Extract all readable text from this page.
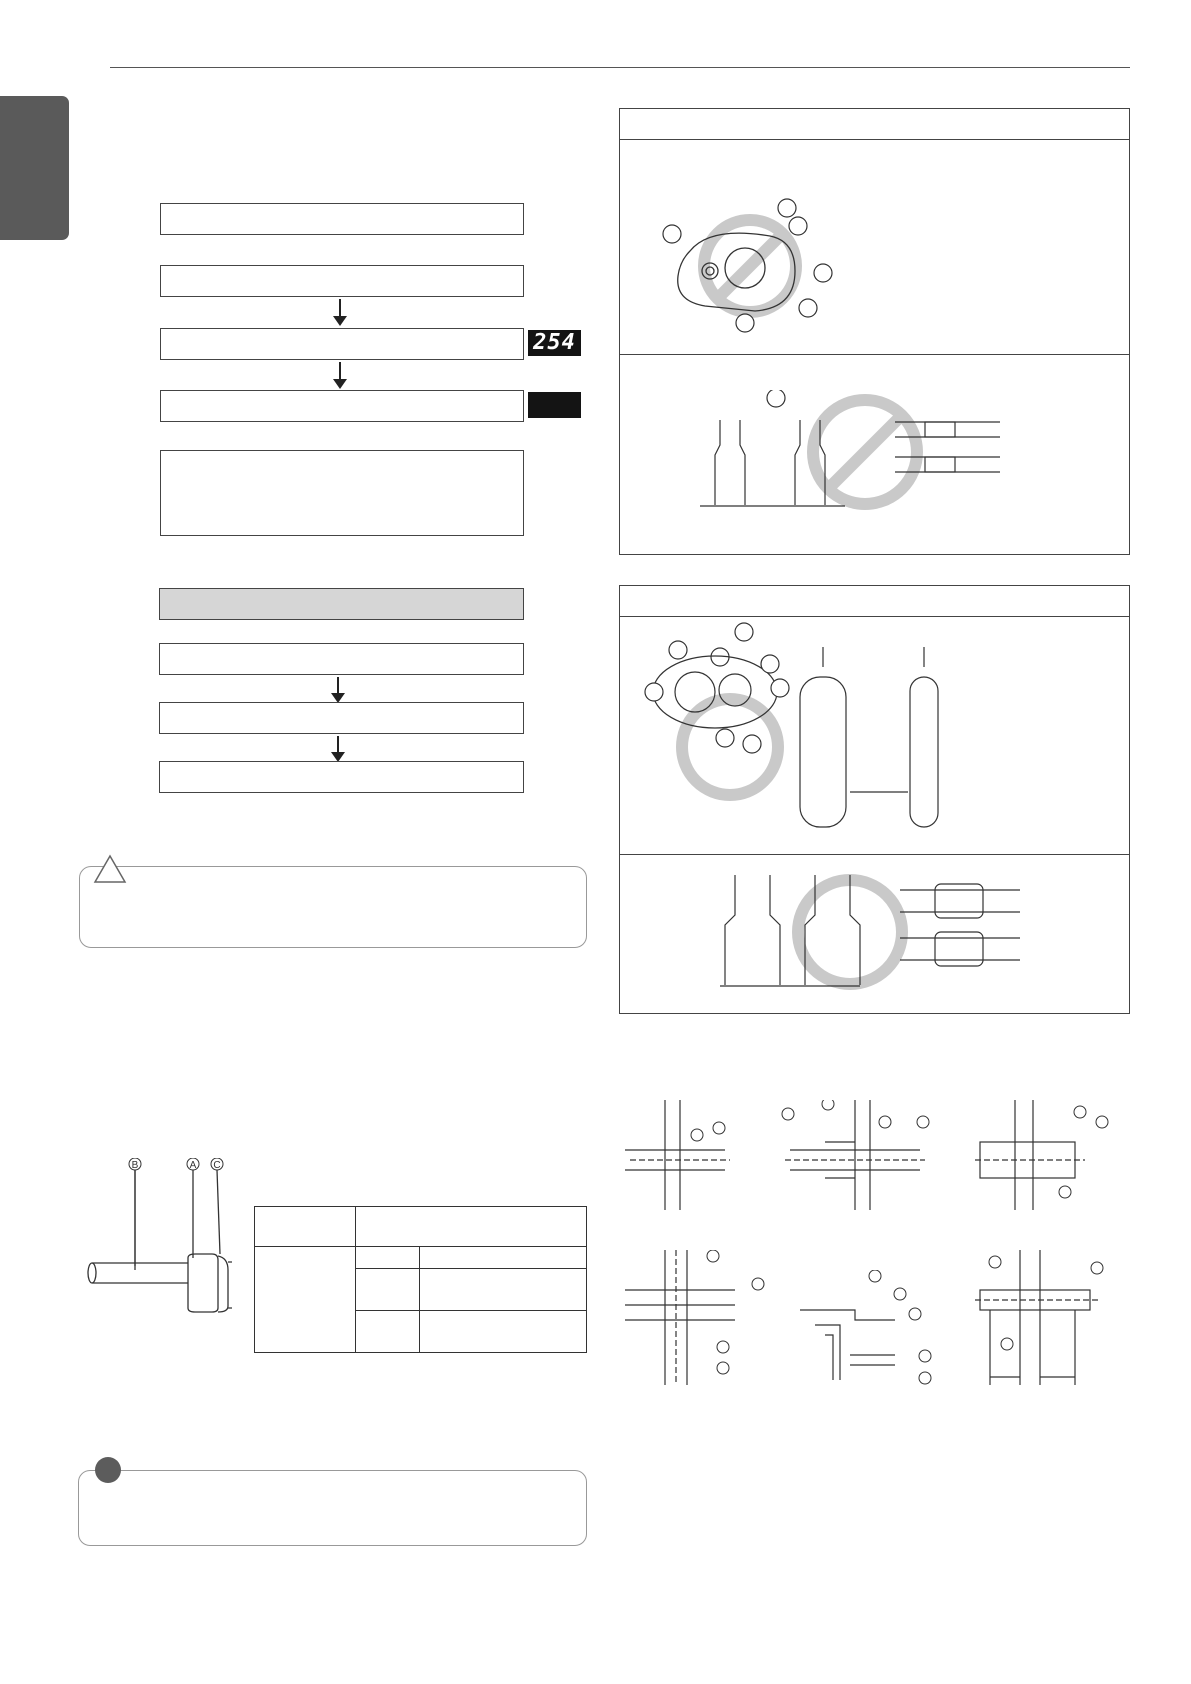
254
B	A C
